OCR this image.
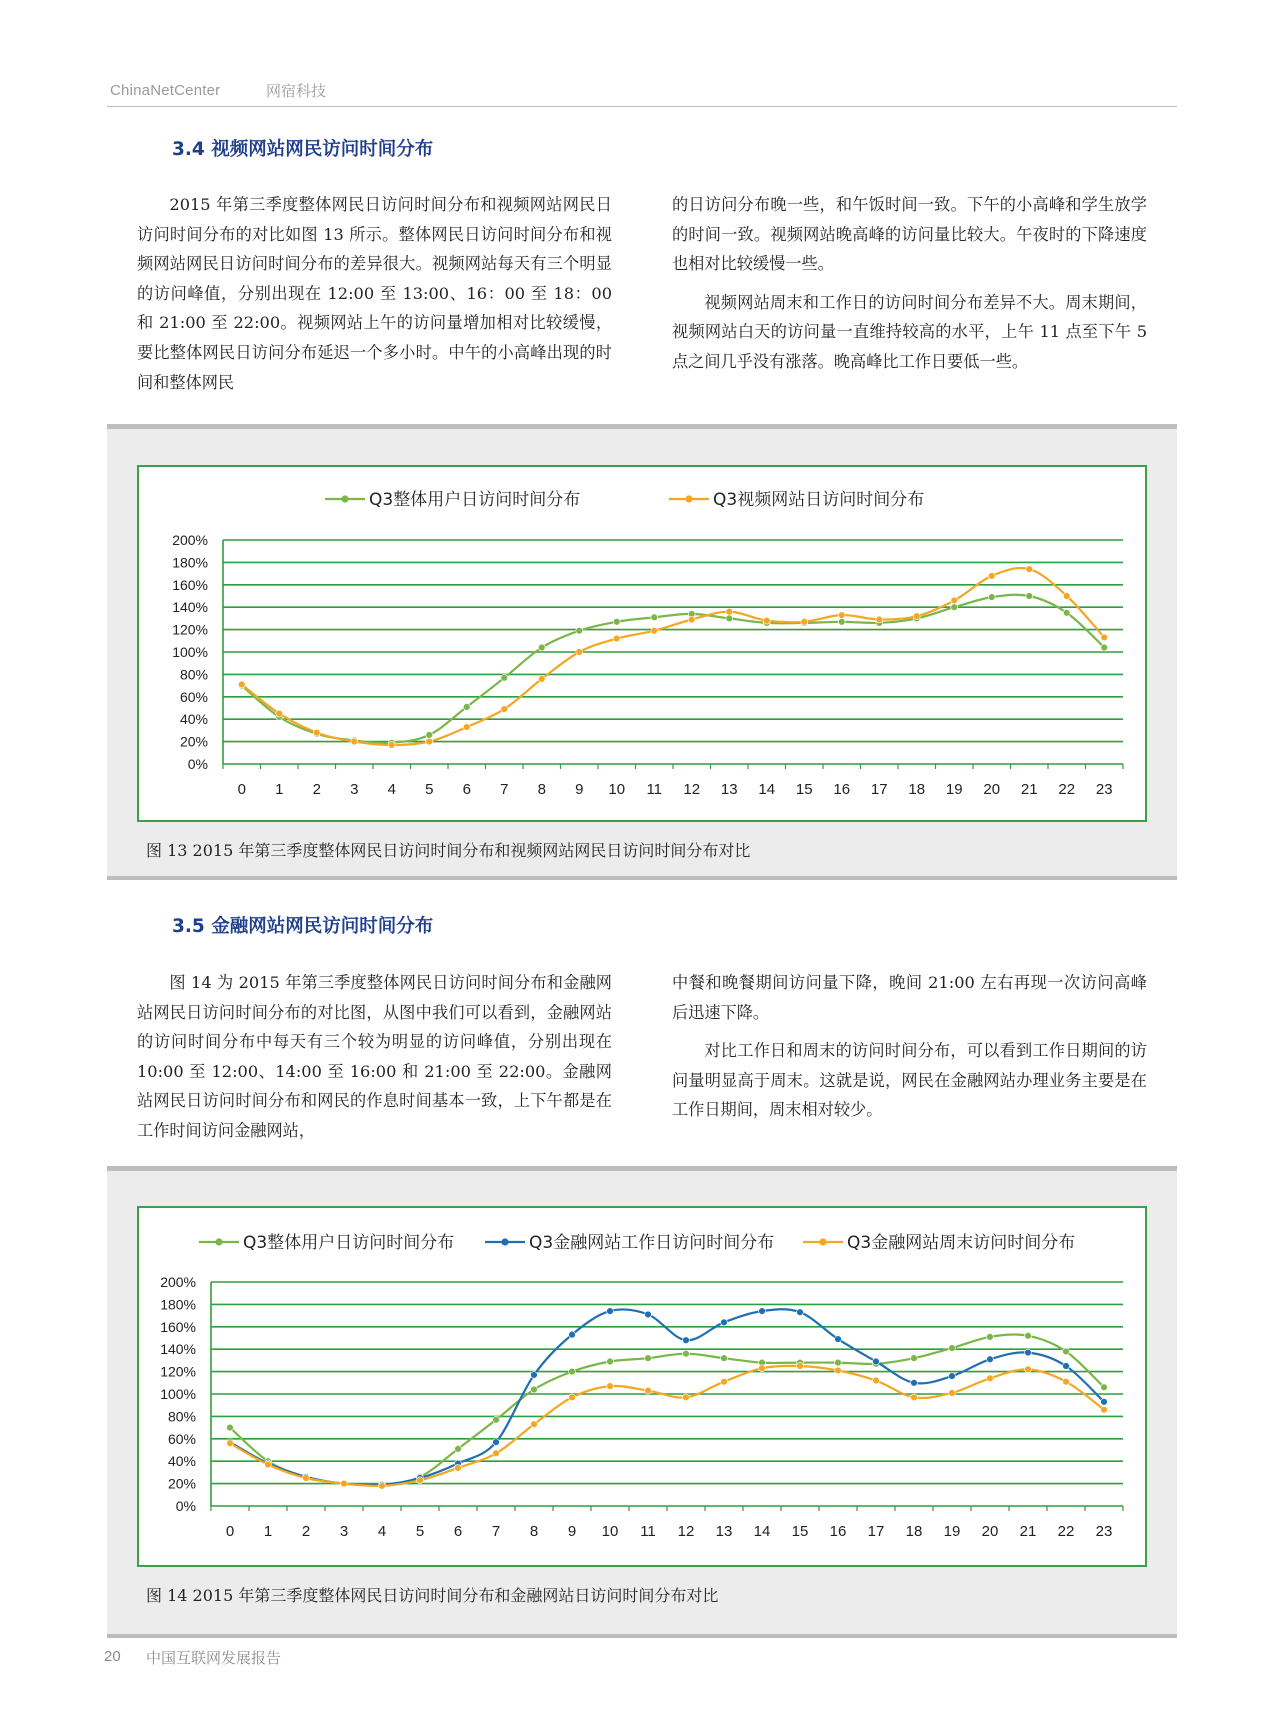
ChinaNetCenter	网宿科技
3.4 视频网站网民访问时间分布

2015 年第三季度整体网民日访问时间分布和视频网站网民日访问时间分布的对比如图 13 所示。整体网民日访问时间分布和视频网站网民日访问时间分布的差异很大。视频网站每天有三个明显的访问峰值，分别出现在 12:00 至 13:00、16：00 至 18：00 和 21:00 至 22:00。视频网站上午的访问量增加相对比较缓慢，要比整体网民日访问分布延迟一个多小时。中午的小高峰出现的时间和整体网民

的日访问分布晚一些，和午饭时间一致。下午的小高峰和学生放学的时间一致。视频网站晚高峰的访问量比较大。午夜时的下降速度也相对比较缓慢一些。

视频网站周末和工作日的访问时间分布差异不大。周末期间，视频网站白天的访问量一直维持较高的水平，上午 11 点至下午 5 点之间几乎没有涨落。晚高峰比工作日要低一些。

0%
20%
40%
60%
80%
100%
120%
140%
160%
180%
200%
0 1 2 3 4 5 6 7 8 9 10 11 12 13 14 15 16 17 18 19 20 21 22 23
Q3整体用户日访问时间分布	Q3视频网站日访问时间分布
图 13 2015 年第三季度整体网民日访问时间分布和视频网站网民日访问时间分布对比
3.5 金融网站网民访问时间分布

图 14 为 2015 年第三季度整体网民日访问时间分布和金融网站网民日访问时间分布的对比图，从图中我们可以看到，金融网站的访问时间分布中每天有三个较为明显的访问峰值，分别出现在 10:00 至 12:00、14:00 至 16:00 和 21:00 至 22:00。金融网站网民日访问时间分布和网民的作息时间基本一致，上下午都是在工作时间访问金融网站，

中餐和晚餐期间访问量下降，晚间 21:00 左右再现一次访问高峰后迅速下降。

对比工作日和周末的访问时间分布，可以看到工作日期间的访问量明显高于周末。这就是说，网民在金融网站办理业务主要是在工作日期间，周末相对较少。

0%
20%
40%
60%
80%
100%
120%
140%
160%
180%
200%
0 1 2 3 4 5 6 7 8 9 10 11 12 13 14 15 16 17 18 19 20 21 22 23
Q3整体用户日访问时间分布	Q3金融网站工作日访问时间分布	Q3金融网站周末访问时间分布
图 14 2015 年第三季度整体网民日访问时间分布和金融网站日访问时间分布对比
20 中国互联网发展报告
